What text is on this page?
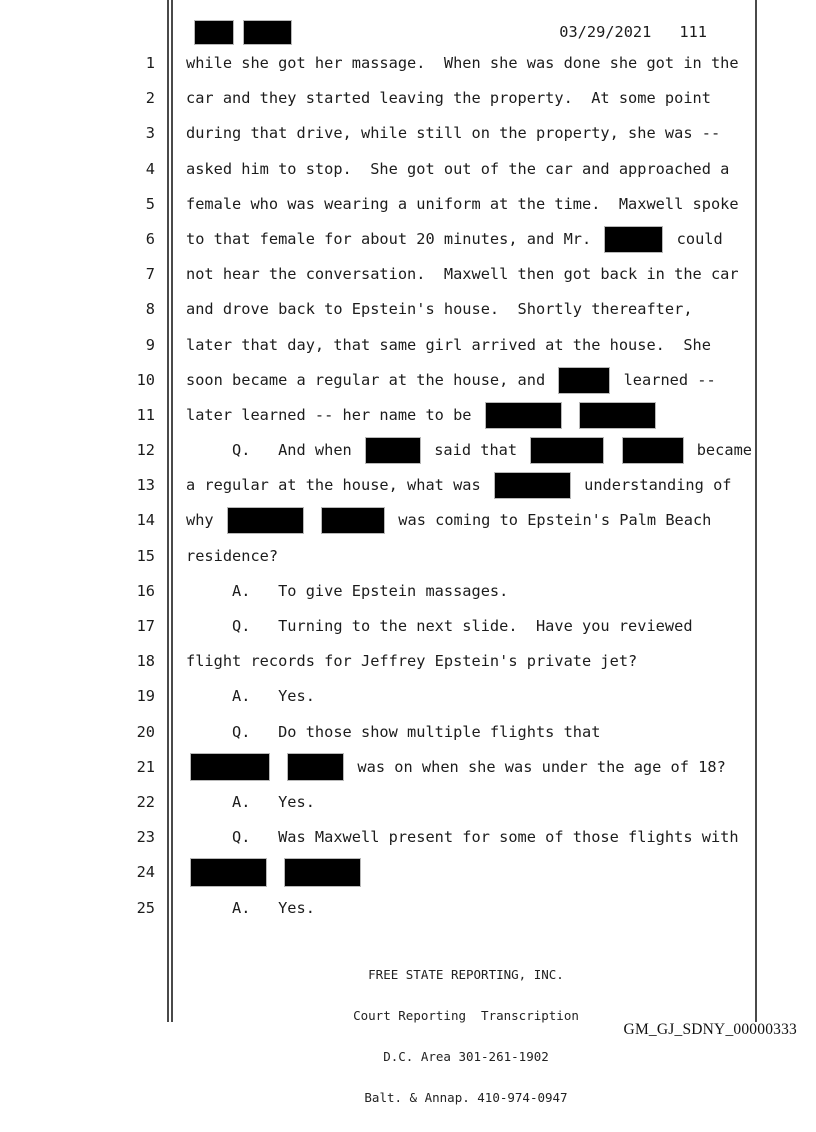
03/29/2021 111
1 while she got her massage.  When she was done she got in the
2 car and they started leaving the property.  At some point
3 during that drive, while still on the property, she was --
4 asked him to stop.  She got out of the car and approached a
5 female who was wearing a uniform at the time.  Maxwell spoke
6 to that female for about 20 minutes, and Mr.	could
7 not hear the conversation.  Maxwell then got back in the car
8 and drove back to Epstein's house.  Shortly thereafter,
9 later that day, that same girl arrived at the house.  She
10 soon became a regular at the house, and	learned --
11 later learned -- her name to be
12 Q.   And when	said that	became
13 a regular at the house, what was	understanding of
14 why	was coming to Epstein's Palm Beach
15 residence?
16 A.   To give Epstein massages.
17 Q.   Turning to the next slide.  Have you reviewed
18 flight records for Jeffrey Epstein's private jet?
19 A.   Yes.
20 Q.   Do those show multiple flights that
21	was on when she was under the age of 18?
22 A.   Yes.
23 Q.   Was Maxwell present for some of those flights with
24

25 A.   Yes.

FREE STATE REPORTING, INC.

Court Reporting  Transcription

D.C. Area 301-261-1902

Balt. & Annap. 410-974-0947

GM_GJ_SDNY_00000333
